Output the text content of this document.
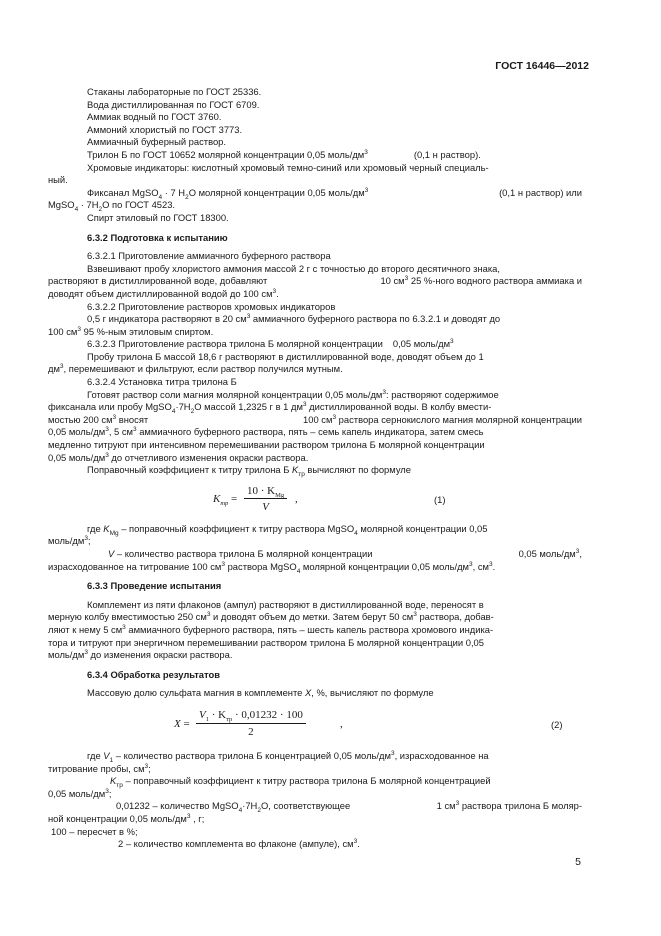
ГОСТ 16446—2012

Стаканы лабораторные по ГОСТ 25336.

Вода дистиллированная по ГОСТ 6709.

Аммиак водный по ГОСТ 3760.

Аммоний хлористый по ГОСТ 3773.

Аммиачный буферный раствор.

Трилон Б по ГОСТ 10652 молярной концентрации 0,05 моль/$дм^3$	(0,1 н раствор).

Хромовые индикаторы: кислотный хромовый темно-синий или хромовый черный специаль-

ный.

Фиксанал MgSO$_4$ · 7 $H_2O$ молярной концентрации 0,05 моль/$дм^3$	(0,1 н раствор) или

MgSO$_4$ · $7H_2O$ по ГОСТ 4523.

Спирт этиловый по ГОСТ 18300.

6.3.2 Подготовка к испытанию

6.3.2.1 Приготовление аммиачного буферного раствора

Взвешивают пробу хлористого аммония массой 2 г с точностью до второго десятичного знака,

растворяют в дистиллированной воде, добавляют	10 $см^3$ 25 %-ного водного раствора аммиака и

доводят объем дистиллированной водой до 100 $см^3$.

6.3.2.2 Приготовление растворов хромовых индикаторов

0,5 г индикатора растворяют в 20 $см^3$ аммиачного буферного раствора по 6.3.2.1 и доводят до

100 $см^3$ 95 %-ным этиловым спиртом.

6.3.2.3 Приготовление раствора трилона Б молярной концентрации 0,05 моль/$дм^3$

Пробу трилона Б массой 18,6 г растворяют в дистиллированной воде, доводят объем до 1

$дм^3$, перемешивают и фильтруют, если раствор получился мутным.

6.3.2.4 Установка титра трилона Б

Готовят раствор соли магния молярной концентрации 0,05 моль/$дм^3$: растворяют содержимое

фиксанала или пробу $MgSO_4\cdot 7H_2O$ массой 1,2325 г в 1 $дм^3$ дистиллированной воды. В колбу вмести-

мостью 200 $см^3$ вносят	100 $см^3$ раствора сернокислого магния молярной концентрации

0,05 моль/$дм^3$, 5 $см^3$ аммиачного буферного раствора, пять – семь капель индикатора, затем смесь

медленно титруют при интенсивном перемешивании раствором трилона Б молярной концентрации

0,05 моль/$дм^3$ до отчетливого изменения окраски раствора.

Поправочный коэффициент к титру трилона Б $K_{тр}$ вычисляют по формуле

$K_{тр}$ =
$10 \cdot K_{Mg}$
V
,	(1)

где $K_{Mg}$ – поправочный коэффициент к титру раствора MgSO$_4$ молярной концентрации 0,05

моль/$дм^3$;

V – количество раствора трилона Б молярной концентрации	0,05 моль/$дм^3$,

израсходованное на титрование 100 $см^3$ раствора MgSO$_4$ молярной концентрации 0,05 моль/$дм^3$, $см^3$.

6.3.3 Проведение испытания

Комплемент из пяти флаконов (ампул) растворяют в дистиллированной воде, переносят в

мерную колбу вместимостью 250 $см^3$ и доводят объем до метки. Затем берут 50 $см^3$ раствора, добав-

ляют к нему 5 $см^3$ аммиачного буферного раствора, пять – шесть капель раствора хромового индика-

тора и титруют при энергичном перемешивании раствором трилона Б молярной концентрации 0,05

моль/$дм^3$ до изменения окраски раствора.

6.3.4 Обработка результатов

Массовую долю сульфата магния в комплементе X, %, вычисляют по формуле

X =
$V_1 \cdot K_{тр} \cdot 0,01232 \cdot 100$
2
,	(2)

где $V_1$ – количество раствора трилона Б концентрацией 0,05 моль/$дм^3$, израсходованное на

титрование пробы, $см^3$;

$K_{тр}$ – поправочный коэффициент к титру раствора трилона Б молярной концентрацией

0,05 моль/$дм^3$;

0,01232 – количество $MgSO_4\cdot 7H_2O$, соответствующее	1 $см^3$ раствора трилона Б моляр-

ной концентрации 0,05 моль/$дм^3$ , г;

100 – пересчет в %;

2 – количество комплемента во флаконе (ампуле), $см^3$.

5
